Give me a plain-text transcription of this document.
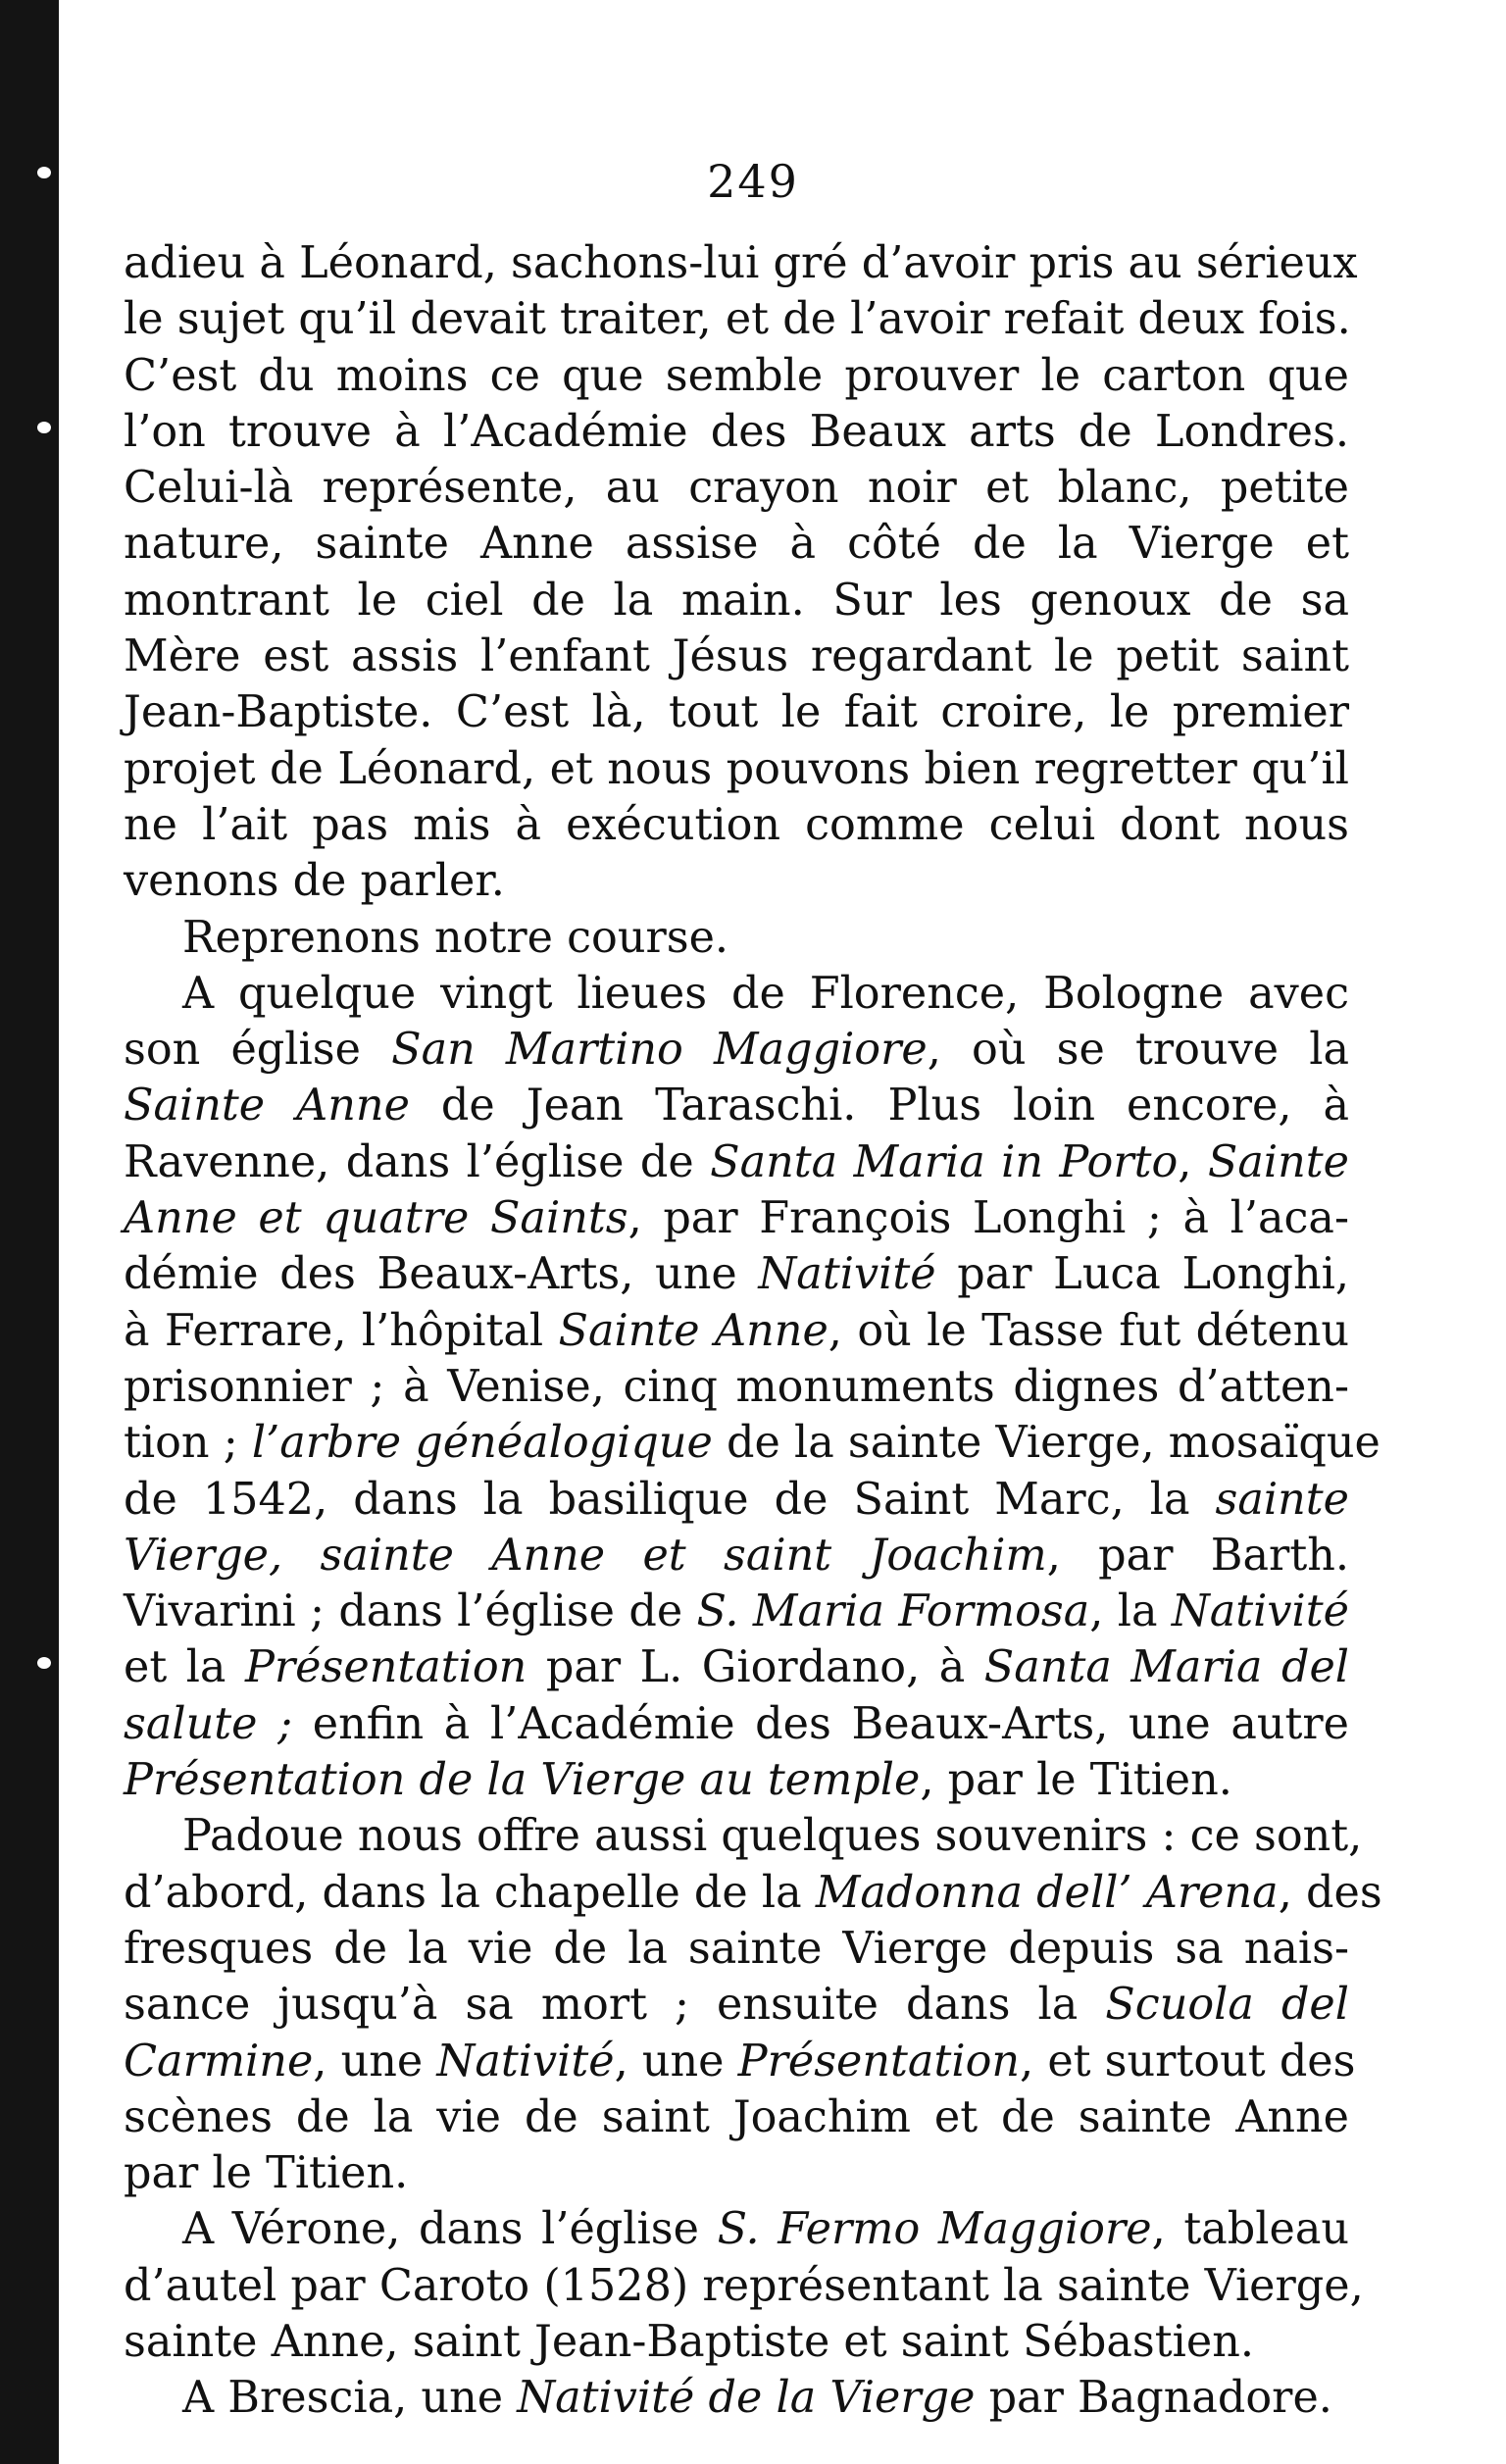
249
adieu à Léonard, sachons-lui gré d’avoir pris au sérieux
le sujet qu’il devait traiter, et de l’avoir refait deux fois.
C’est du moins ce que semble prouver le carton que
l’on trouve à l’Académie des Beaux arts de Londres.
Celui-là représente, au crayon noir et blanc, petite
nature, sainte Anne assise à côté de la Vierge et
montrant le ciel de la main. Sur les genoux de sa
Mère est assis l’enfant Jésus regardant le petit saint
Jean-Baptiste. C’est là, tout le fait croire, le premier
projet de Léonard, et nous pouvons bien regretter qu’il
ne l’ait pas mis à exécution comme celui dont nous
venons de parler.
Reprenons notre course.
A quelque vingt lieues de Florence, Bologne avec
son église San Martino Maggiore, où se trouve la
Sainte Anne de Jean Taraschi. Plus loin encore, à
Ravenne, dans l’église de Santa Maria in Porto, Sainte
Anne et quatre Saints, par François Longhi ; à l’aca-
démie des Beaux-Arts, une Nativité par Luca Longhi,
à Ferrare, l’hôpital Sainte Anne, où le Tasse fut détenu
prisonnier ; à Venise, cinq monuments dignes d’atten-
tion ; l’arbre généalogique de la sainte Vierge, mosaïque
de 1542, dans la basilique de Saint Marc, la sainte
Vierge, sainte Anne et saint Joachim, par Barth.
Vivarini ; dans l’église de S. Maria Formosa, la Nativité
et la Présentation par L. Giordano, à Santa Maria del
salute ; enfin à l’Académie des Beaux-Arts, une autre
Présentation de la Vierge au temple, par le Titien.
Padoue nous offre aussi quelques souvenirs : ce sont,
d’abord, dans la chapelle de la Madonna dell’ Arena, des
fresques de la vie de la sainte Vierge depuis sa nais-
sance jusqu’à sa mort ; ensuite dans la Scuola del
Carmine, une Nativité, une Présentation, et surtout des
scènes de la vie de saint Joachim et de sainte Anne
par le Titien.
A Vérone, dans l’église S. Fermo Maggiore, tableau
d’autel par Caroto (1528) représentant la sainte Vierge,
sainte Anne, saint Jean-Baptiste et saint Sébastien.
A Brescia, une Nativité de la Vierge par Bagnadore.
